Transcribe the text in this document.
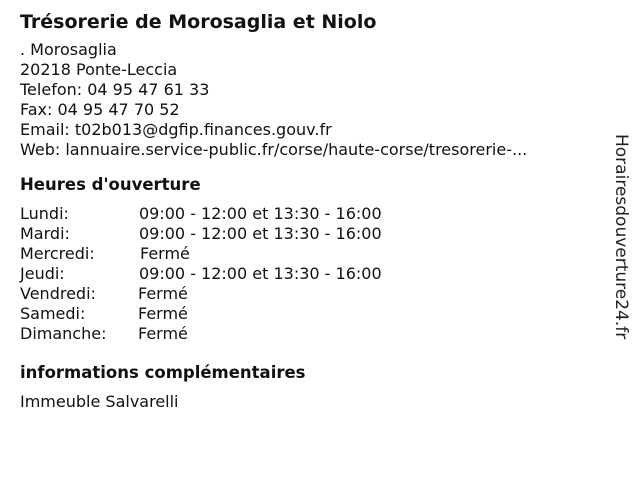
Trésorerie de Morosaglia et Niolo
. Morosaglia
20218 Ponte-Leccia
Telefon: 04 95 47 61 33
Fax: 04 95 47 70 52
Email: t02b013@dgfip.finances.gouv.fr
Web: lannuaire.service-public.fr/corse/haute-corse/tresorerie-...
Heures d'ouverture
Lundi:	09:00 - 12:00 et 13:30 - 16:00
Mardi:	09:00 - 12:00 et 13:30 - 16:00
Mercredi:	Fermé
Jeudi:	09:00 - 12:00 et 13:30 - 16:00
Vendredi:	Fermé
Samedi:	Fermé
Dimanche:	Fermé
informations complémentaires
Immeuble Salvarelli
Horairesdouverture24.fr
